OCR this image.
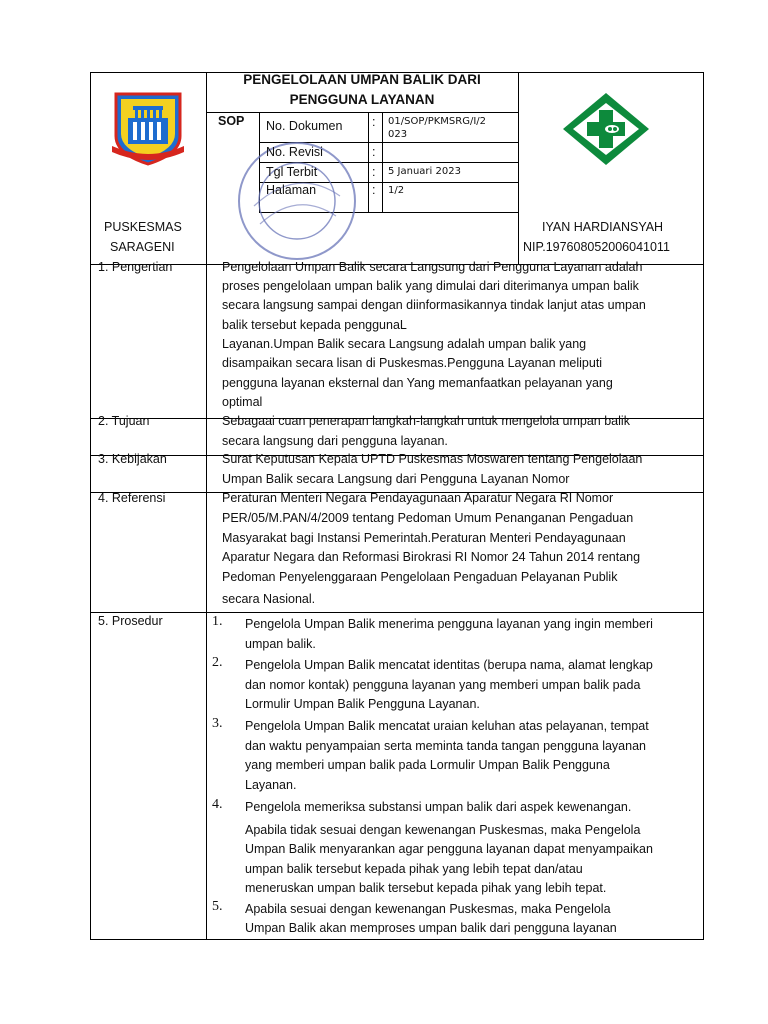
PENGELOLAAN UMPAN BALIK DARI
PENGGUNA LAYANAN
SOP No. Dokumen : 01/SOP/PKMSRG/I/2
023
No. Revisi	:
Tgl Terbit	: 5 Januari 2023
Halaman	: 1/2
PUSKESMAS
SARAGENI
IYAN HARDIANSYAH
NIP.197608052006041011
1. Pengertian	Pengelolaan Umpan Balik secara Langsung dari Pengguna Layanan adalah
proses pengelolaan umpan balik yang dimulai dari diterimanya umpan balik
secara langsung sampai dengan diinformasikannya tindak lanjut atas umpan
balik tersebut kepada penggunaL
Layanan.Umpan Balik secara Langsung adalah umpan balik yang
disampaikan secara lisan di Puskesmas.Pengguna Layanan meliputi
pengguna layanan eksternal dan Yang memanfaatkan pelayanan yang
optimal
2. Tujuan	Sebagaai cuan penerapan langkah-langkah untuk mengelola umpan balik
secara langsung dari pengguna layanan.
3. Kebijakan	Surat Keputusan Kepala UPTD Puskesmas Moswaren tentang Pengelolaan
Umpan Balik secara Langsung dari Pengguna Layanan Nomor
4. Referensi	Peraturan Menteri Negara Pendayagunaan Aparatur Negara RI Nomor
PER/05/M.PAN/4/2009 tentang Pedoman Umum Penanganan Pengaduan
Masyarakat bagi Instansi Pemerintah.Peraturan Menteri Pendayagunaan
Aparatur Negara dan Reformasi Birokrasi RI Nomor 24 Tahun 2014 rentang
Pedoman Penyelenggaraan Pengelolaan Pengaduan Pelayanan Publik
secara Nasional.
5. Prosedur	1. Pengelola Umpan Balik menerima pengguna layanan yang ingin memberi
umpan balik.
2. Pengelola Umpan Balik mencatat identitas (berupa nama, alamat lengkap
dan nomor kontak) pengguna layanan yang memberi umpan balik pada
Lormulir Umpan Balik Pengguna Layanan.
3. Pengelola Umpan Balik mencatat uraian keluhan atas pelayanan, tempat
dan waktu penyampaian serta meminta tanda tangan pengguna layanan
yang memberi umpan balik pada Lormulir Umpan Balik Pengguna
Layanan.
4. Pengelola memeriksa substansi umpan balik dari aspek kewenangan.
Apabila tidak sesuai dengan kewenangan Puskesmas, maka Pengelola
Umpan Balik menyarankan agar pengguna layanan dapat menyampaikan
umpan balik tersebut kepada pihak yang lebih tepat dan/atau
meneruskan umpan balik tersebut kepada pihak yang lebih tepat.
5. Apabila sesuai dengan kewenangan Puskesmas, maka Pengelola
Umpan Balik akan memproses umpan balik dari pengguna layanan
